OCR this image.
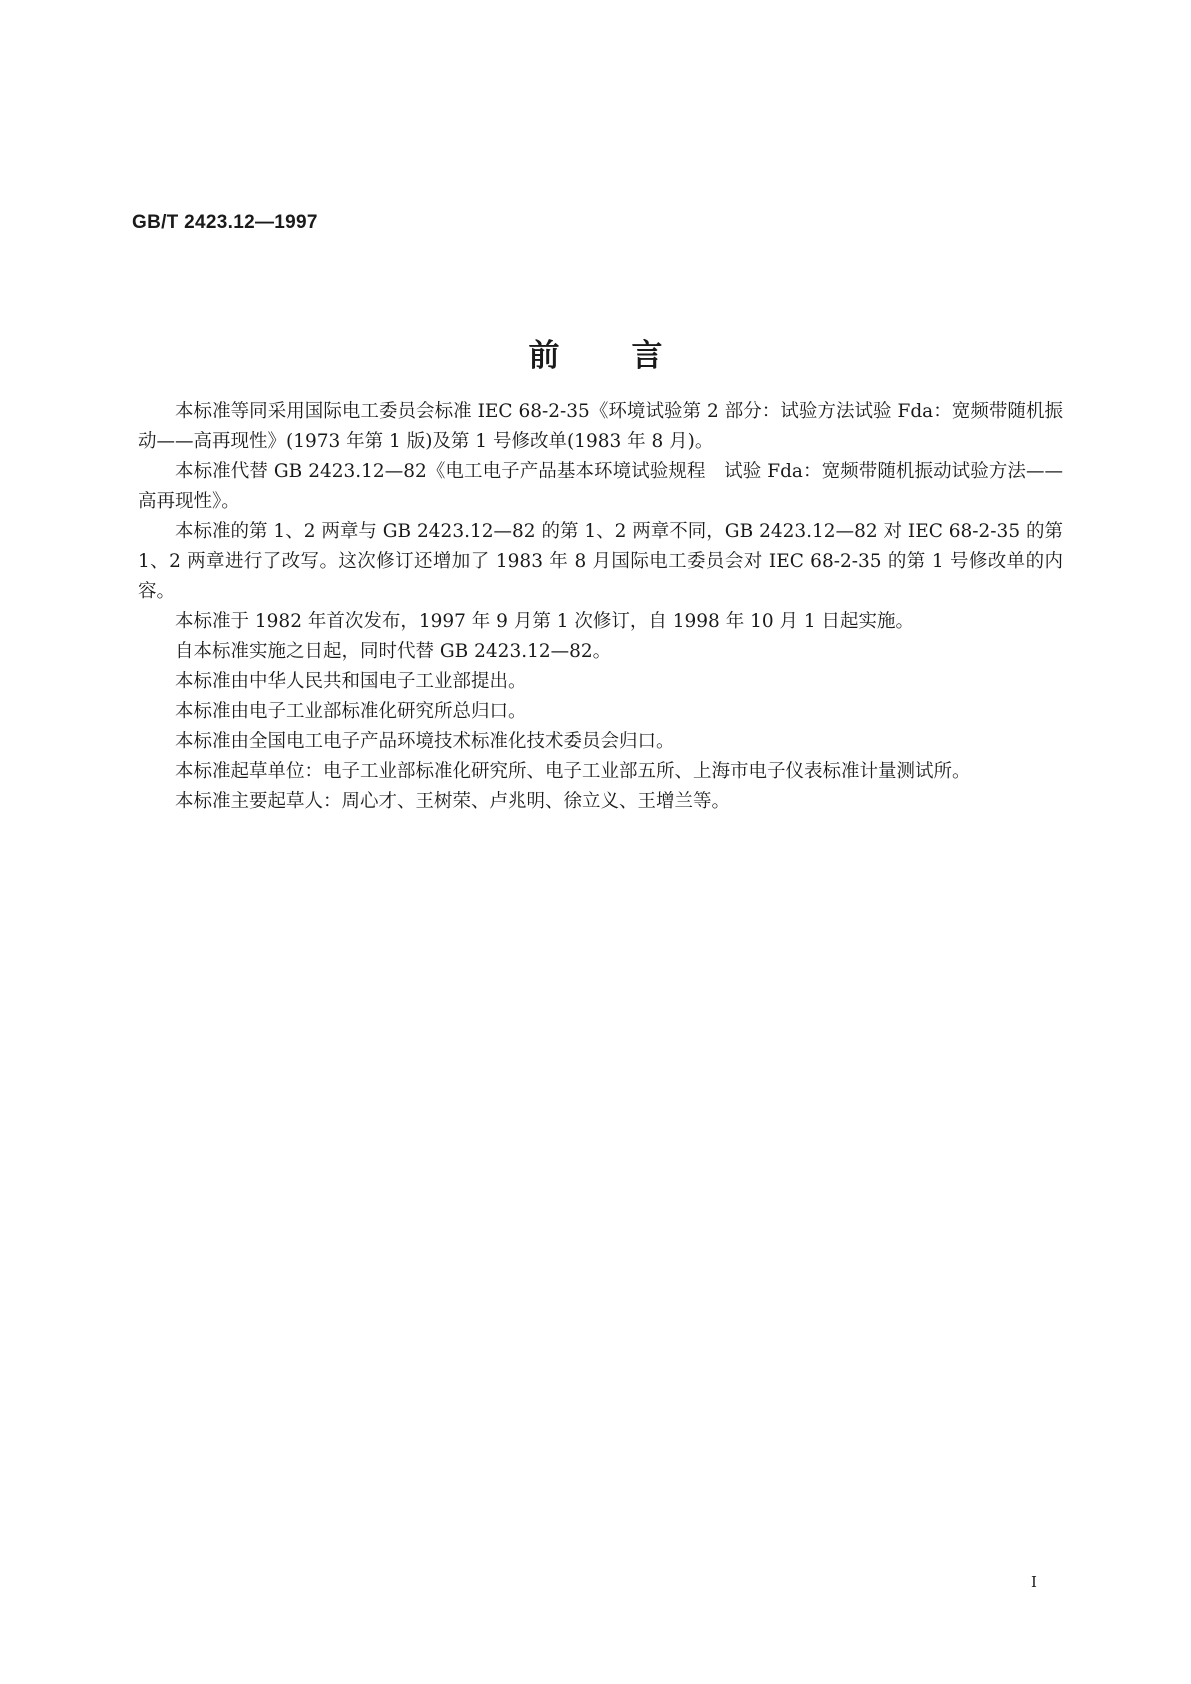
GB/T 2423.12—1997
前言

本标准等同采用国际电工委员会标准 IEC 68-2-35《环境试验第 2 部分：试验方法试验 Fda：宽频带随机振动——高再现性》(1973 年第 1 版)及第 1 号修改单(1983 年 8 月)。

本标准代替 GB 2423.12—82《电工电子产品基本环境试验规程　试验 Fda：宽频带随机振动试验方法——高再现性》。

本标准的第 1、2 两章与 GB 2423.12—82 的第 1、2 两章不同，GB 2423.12—82 对 IEC 68-2-35 的第 1、2 两章进行了改写。这次修订还增加了 1983 年 8 月国际电工委员会对 IEC 68-2-35 的第 1 号修改单的内容。

本标准于 1982 年首次发布，1997 年 9 月第 1 次修订，自 1998 年 10 月 1 日起实施。

自本标准实施之日起，同时代替 GB 2423.12—82。

本标准由中华人民共和国电子工业部提出。

本标准由电子工业部标准化研究所总归口。

本标准由全国电工电子产品环境技术标准化技术委员会归口。

本标准起草单位：电子工业部标准化研究所、电子工业部五所、上海市电子仪表标准计量测试所。

本标准主要起草人：周心才、王树荣、卢兆明、徐立义、王增兰等。

I
